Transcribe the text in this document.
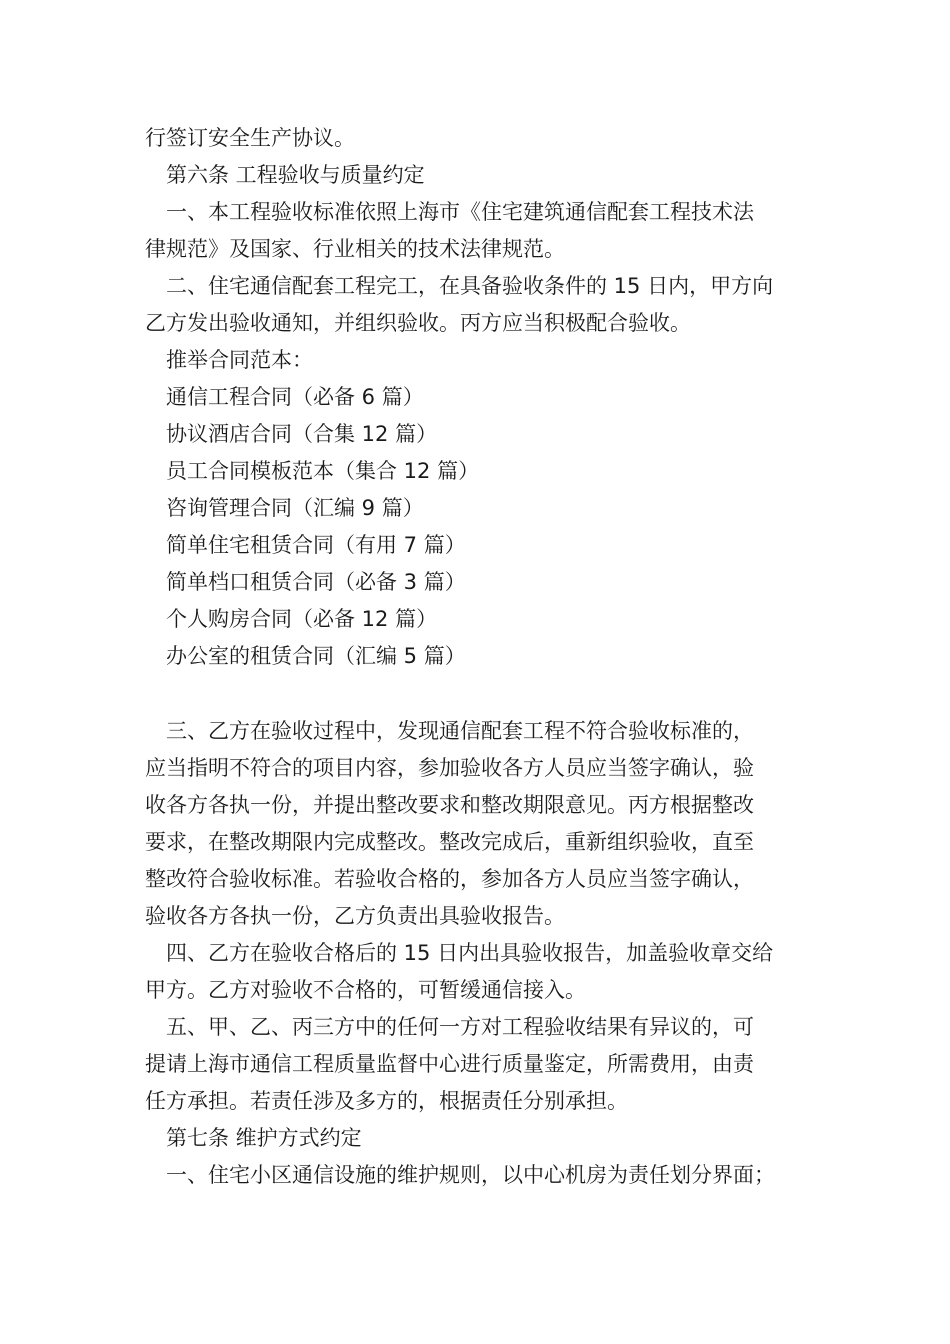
行签订安全生产协议。
第六条 工程验收与质量约定
一、本工程验收标准依照上海市《住宅建筑通信配套工程技术法
律规范》及国家、行业相关的技术法律规范。
二、住宅通信配套工程完工，在具备验收条件的 15 日内，甲方向
乙方发出验收通知，并组织验收。丙方应当积极配合验收。
推举合同范本：
通信工程合同（必备 6 篇）
协议酒店合同（合集 12 篇）
员工合同模板范本（集合 12 篇）
咨询管理合同（汇编 9 篇）
简单住宅租赁合同（有用 7 篇）
简单档口租赁合同（必备 3 篇）
个人购房合同（必备 12 篇）
办公室的租赁合同（汇编 5 篇）
三、乙方在验收过程中，发现通信配套工程不符合验收标准的，
应当指明不符合的项目内容，参加验收各方人员应当签字确认，验
收各方各执一份，并提出整改要求和整改期限意见。丙方根据整改
要求，在整改期限内完成整改。整改完成后，重新组织验收，直至
整改符合验收标准。若验收合格的，参加各方人员应当签字确认，
验收各方各执一份，乙方负责出具验收报告。
四、乙方在验收合格后的 15 日内出具验收报告，加盖验收章交给
甲方。乙方对验收不合格的，可暂缓通信接入。
五、甲、乙、丙三方中的任何一方对工程验收结果有异议的，可
提请上海市通信工程质量监督中心进行质量鉴定，所需费用，由责
任方承担。若责任涉及多方的，根据责任分别承担。
第七条 维护方式约定
一、住宅小区通信设施的维护规则，以中心机房为责任划分界面；
